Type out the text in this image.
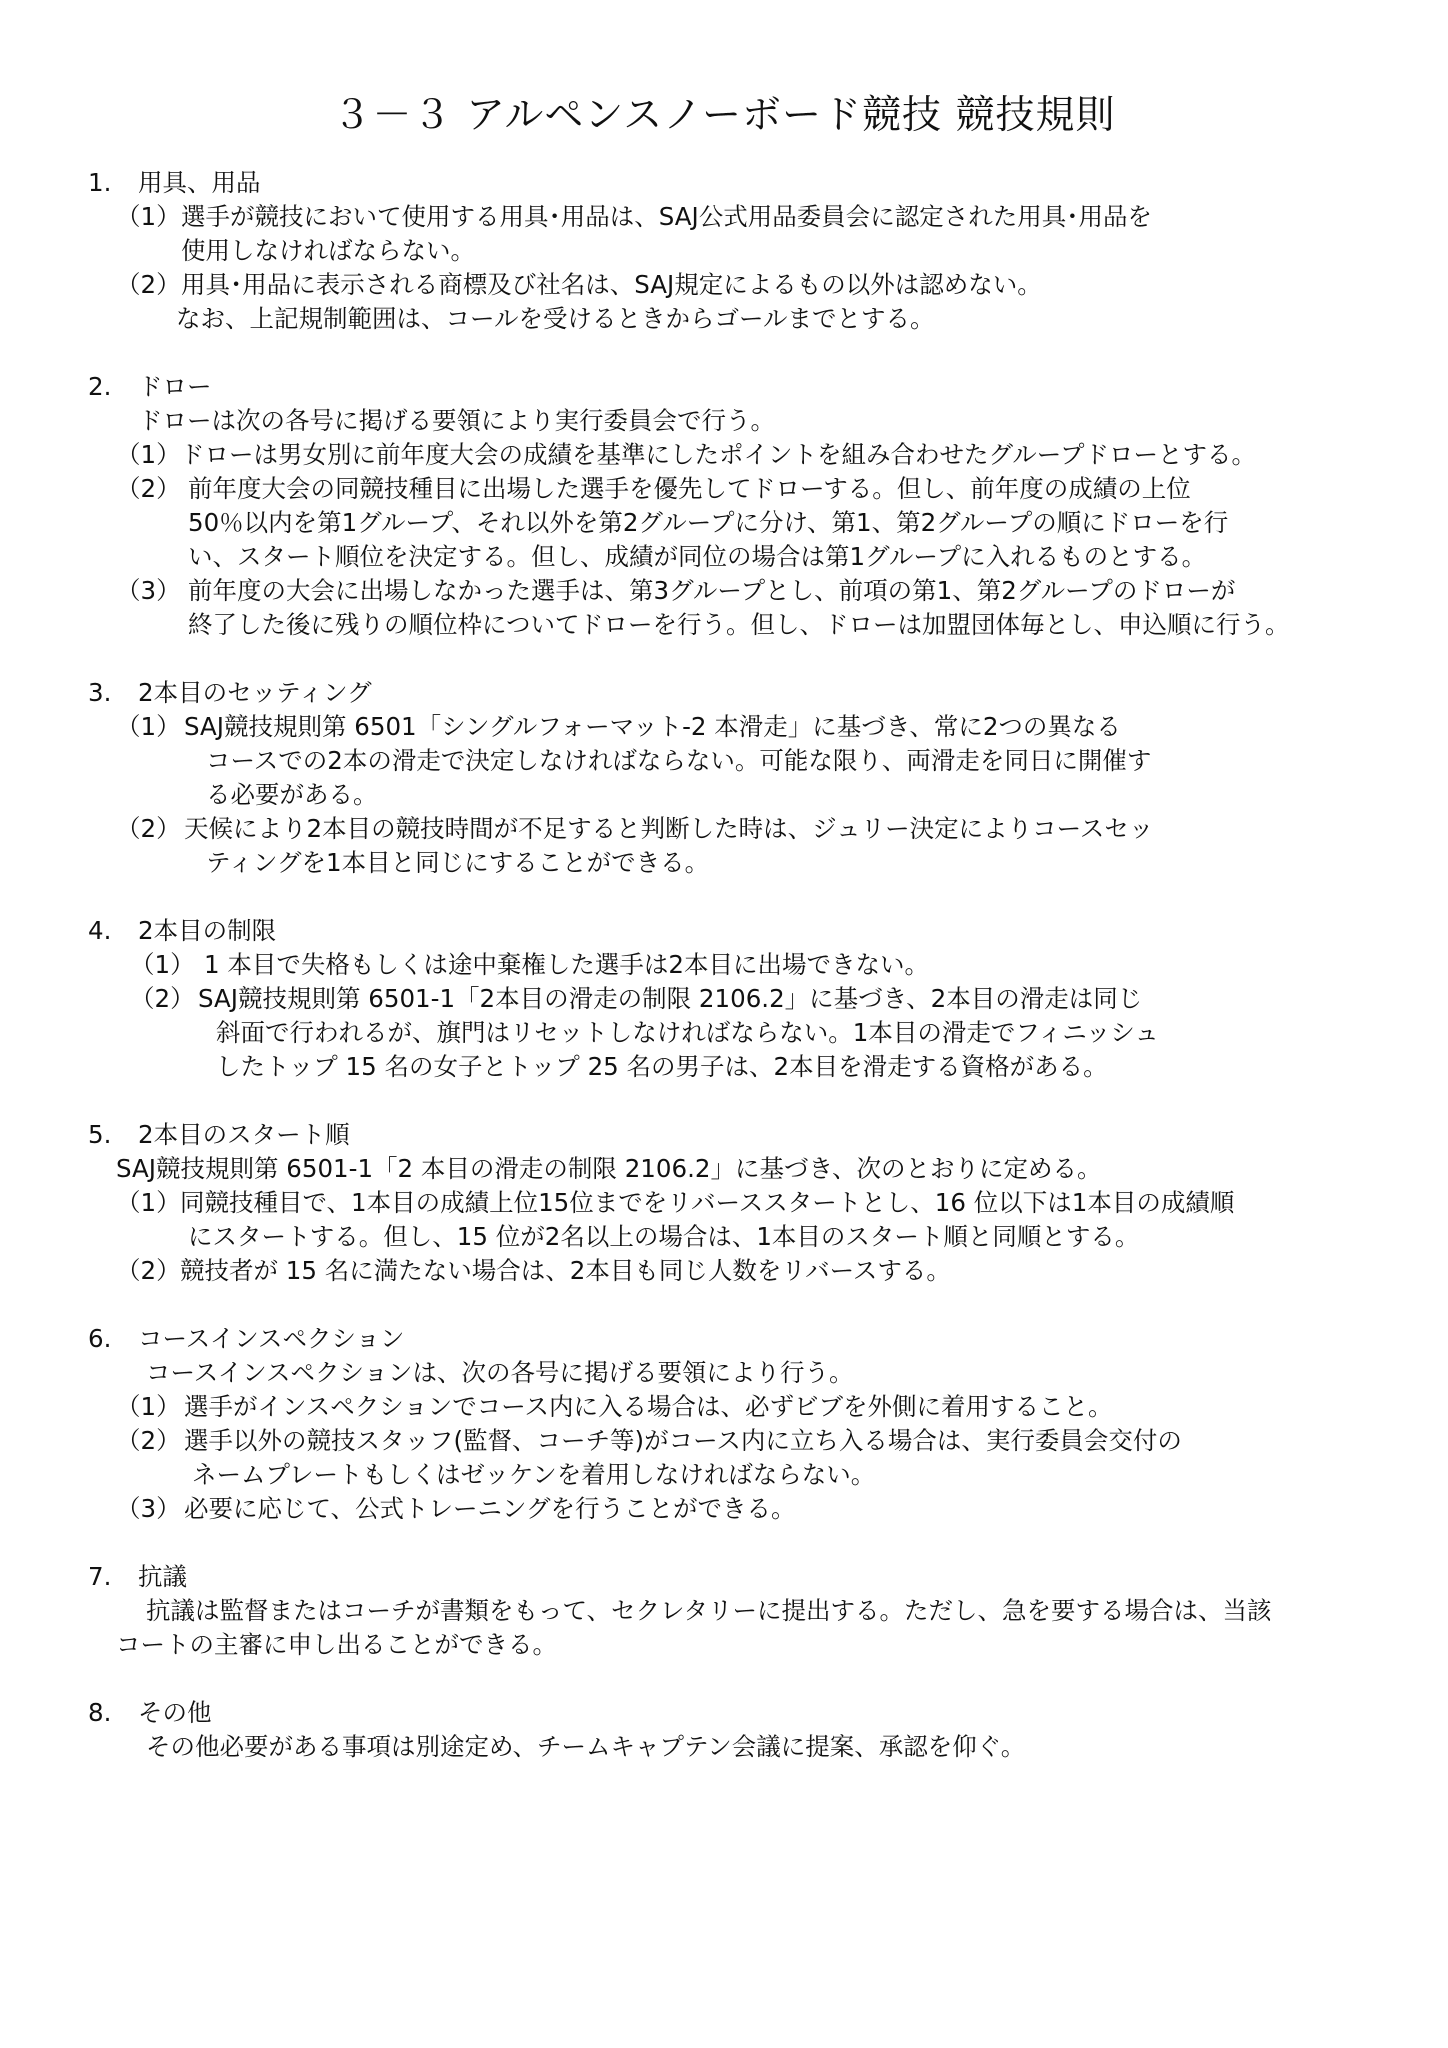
３－３ アルペンスノーボード競技 競技規則
1. 用具、用品
（1） 選手が競技において使用する用具･用品は、SAJ公式用品委員会に認定された用具･用品を
使用しなければならない。
（2） 用具･用品に表示される商標及び社名は、SAJ規定によるもの以外は認めない。
なお、上記規制範囲は、コールを受けるときからゴールまでとする。
2. ドロー
ドローは次の各号に掲げる要領により実行委員会で行う。
（1） ドローは男女別に前年度大会の成績を基準にしたポイントを組み合わせたグループドローとする。
（2） 前年度大会の同競技種目に出場した選手を優先してドローする。但し、前年度の成績の上位
50％以内を第1グループ、それ以外を第2グループに分け、第1、第2グループの順にドローを行
い、スタート順位を決定する。但し、成績が同位の場合は第1グループに入れるものとする。
（3） 前年度の大会に出場しなかった選手は、第3グループとし、前項の第1、第2グループのドローが
終了した後に残りの順位枠についてドローを行う。但し、ドローは加盟団体毎とし、申込順に行う。
3. 2本目のセッティング
（1） SAJ競技規則第 6501「シングルフォーマット-2 本滑走」に基づき、常に2つの異なる
コースでの2本の滑走で決定しなければならない。可能な限り、両滑走を同日に開催す
る必要がある。
（2） 天候により2本目の競技時間が不足すると判断した時は、ジュリー決定によりコースセッ
ティングを1本目と同じにすることができる。
4. 2本目の制限
（1） 1 本目で失格もしくは途中棄権した選手は2本目に出場できない。
（2） SAJ競技規則第 6501-1「2本目の滑走の制限 2106.2」に基づき、2本目の滑走は同じ
斜面で行われるが、旗門はリセットしなければならない。1本目の滑走でフィニッシュ
したトップ 15 名の女子とトップ 25 名の男子は、2本目を滑走する資格がある。
5. 2本目のスタート順
SAJ競技規則第 6501-1「2 本目の滑走の制限 2106.2」に基づき、次のとおりに定める。
（1） 同競技種目で、1本目の成績上位15位までをリバーススタートとし、16 位以下は1本目の成績順
にスタートする。但し、15 位が2名以上の場合は、1本目のスタート順と同順とする。
（2） 競技者が 15 名に満たない場合は、2本目も同じ人数をリバースする。
6. コースインスペクション
コースインスペクションは、次の各号に掲げる要領により行う。
（1） 選手がインスペクションでコース内に入る場合は、必ずビブを外側に着用すること。
（2） 選手以外の競技スタッフ(監督、コーチ等)がコース内に立ち入る場合は、実行委員会交付の
ネームプレートもしくはゼッケンを着用しなければならない。
（3） 必要に応じて、公式トレーニングを行うことができる。
7. 抗議
抗議は監督またはコーチが書類をもって、セクレタリーに提出する。ただし、急を要する場合は、当該
コートの主審に申し出ることができる。
8. その他
その他必要がある事項は別途定め、チームキャプテン会議に提案、承認を仰ぐ。
